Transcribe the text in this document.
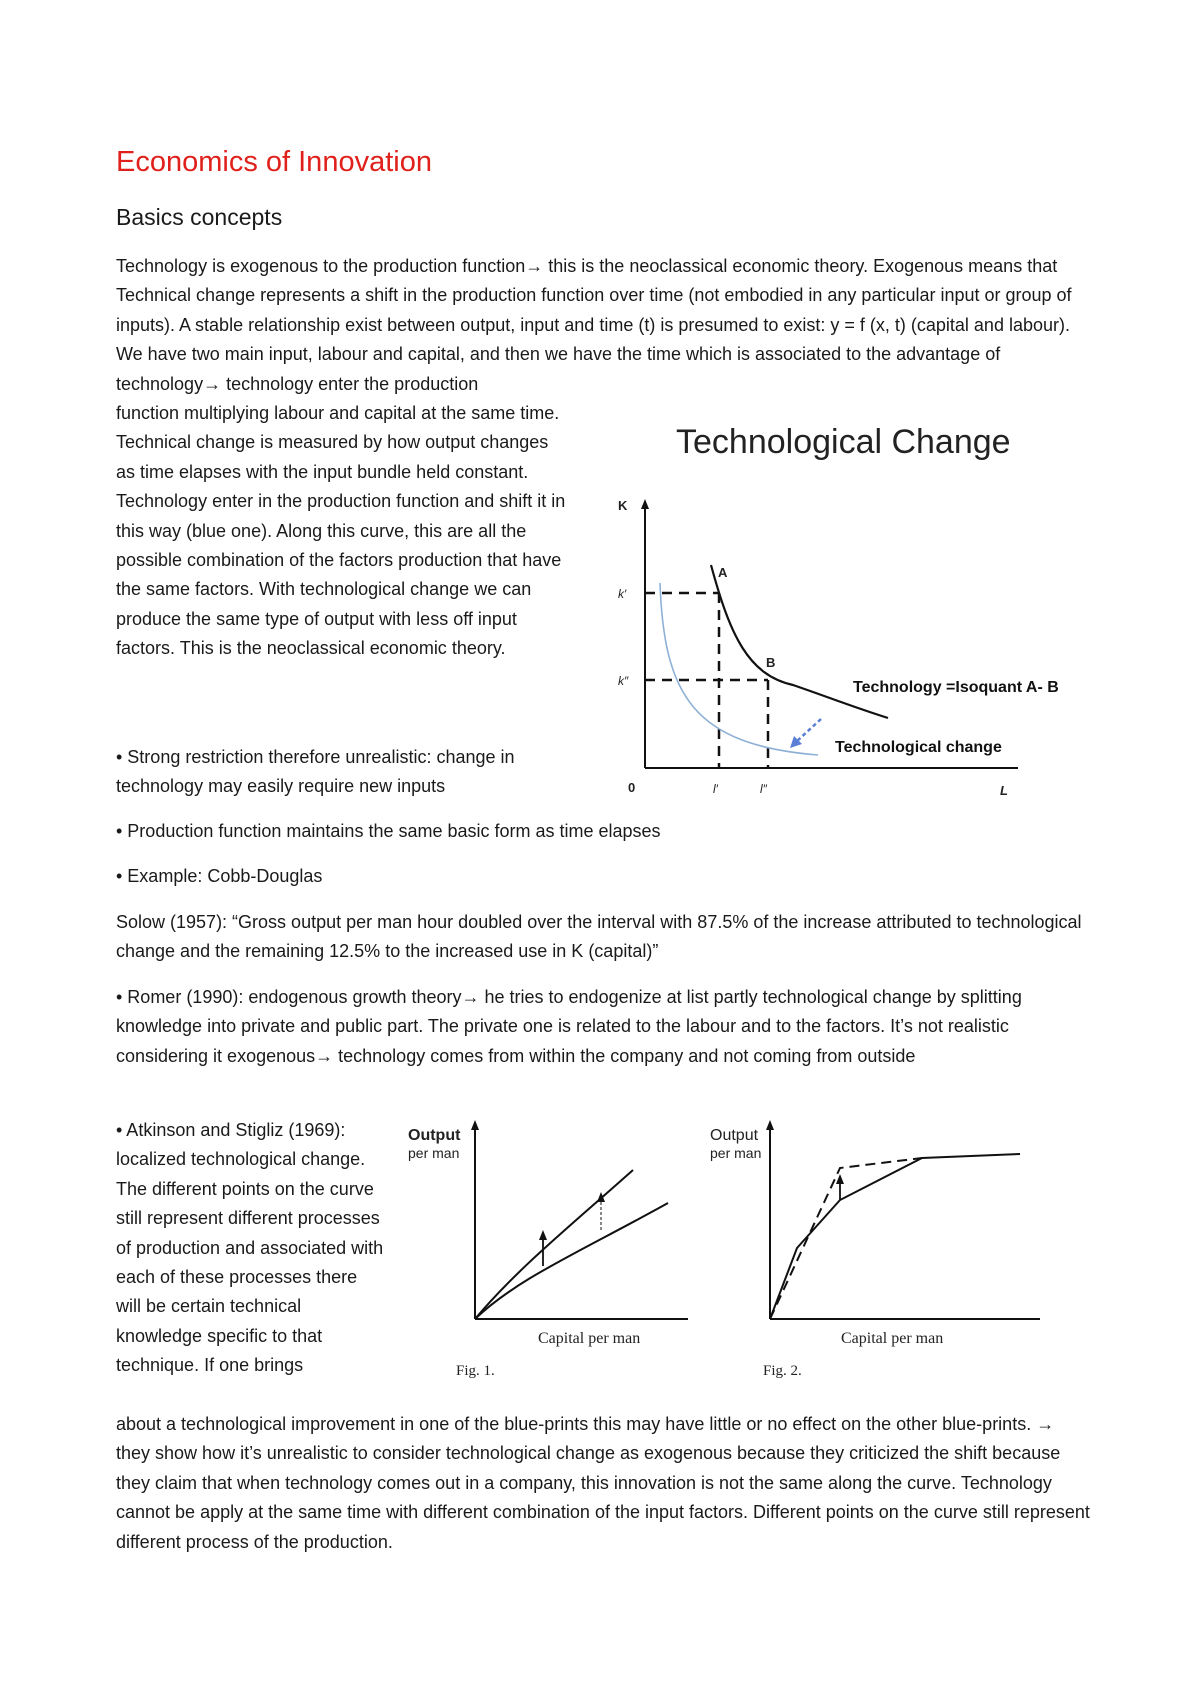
Economics of Innovation
Basics concepts

Technology is exogenous to the production function→ this is the neoclassical economic theory. Exogenous means that Technical change represents a shift in the production function over time (not embodied in any particular input or group of inputs). A stable relationship exist between output, input and time (t) is presumed to exist: y = f (x, t) (capital and labour). We have two main input, labour and capital, and then we have the time which is associated to the advantage of technology→ technology enter the production

function multiplying labour and capital at the same time. Technical change is measured by how output changes as time elapses with the input bundle held constant. Technology enter in the production function and shift it in this way (blue one). Along this curve, this are all the possible combination of the factors production that have the same factors. With technological change we can produce the same type of output with less off input factors. This is the neoclassical economic theory.

• Strong restriction therefore unrealistic: change in technology may easily require new inputs

• Production function maintains the same basic form as time elapses

• Example: Cobb-Douglas

Solow (1957): “Gross output per man hour doubled over the interval with 87.5% of the increase attributed to technological change and the remaining 12.5% to the increased use in K (capital)”

• Romer (1990): endogenous growth theory→ he tries to endogenize at list partly technological change by splitting knowledge into private and public part. The private one is related to the labour and to the factors. It’s not realistic considering it exogenous→ technology comes from within the company and not coming from outside

• Atkinson and Stigliz (1969): localized technological change. The different points on the curve still represent different processes of production and associated with each of these processes there will be certain technical knowledge specific to that technique. If one brings

about a technological improvement in one of the blue-prints this may have little or no effect on the other blue-prints. → they show how it’s unrealistic to consider technological change as exogenous because they criticized the shift because they claim that when technology comes out in a company, this innovation is not the same along the curve. Technology cannot be apply at the same time with different combination of the input factors. Different points on the curve still represent different process of the production.

Technological Change
K
L
0
k′
k″
l′	l″
A
B
Technology =Isoquant A- B
Technological change
Output
per man
Capital per man
Fig. 1.
Output
per man
Capital per man
Fig. 2.
